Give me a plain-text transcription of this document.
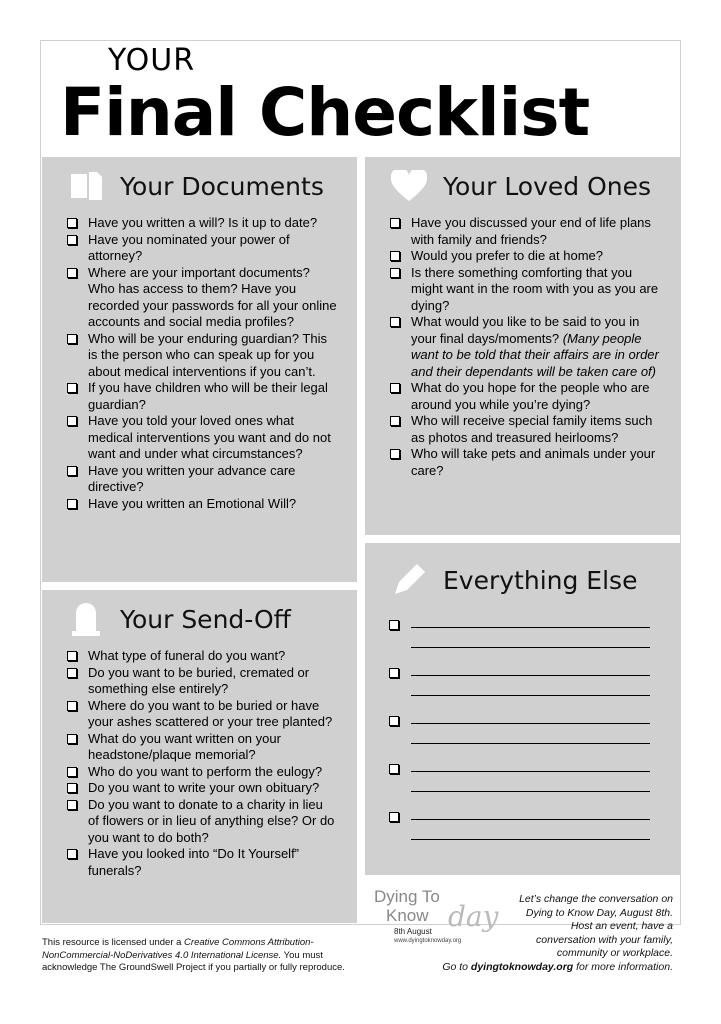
YOUR
Final Checklist
Your Documents
Have you written a will? Is it up to date?
Have you nominated your power of attorney?
Where are your important documents? Who has access to them? Have you recorded your passwords for all your online accounts and social media profiles?
Who will be your enduring guardian? This is the person who can speak up for you about medical interventions if you can’t.
If you have children who will be their legal guardian?
Have you told your loved ones what medical interventions you want and do not want and under what circumstances?
Have you written your advance care directive?
Have you written an Emotional Will?
Your Loved Ones
Have you discussed your end of life plans with family and friends?
Would you prefer to die at home?
Is there something comforting that you might want in the room with you as you are dying?
What would you like to be said to you in your final days/moments? (Many people want to be told that their affairs are in order and their dependants will be taken care of)
What do you hope for the people who are around you while you’re dying?
Who will receive special family items such as photos and treasured heirlooms?
Who will take pets and animals under your care?
Your Send-Off
What type of funeral do you want?
Do you want to be buried, cremated or something else entirely?
Where do you want to be buried or have your ashes scattered or your tree planted?
What do you want written on your headstone/plaque memorial?
Who do you want to perform the eulogy?
Do you want to write your own obituary?
Do you want to donate to a charity in lieu of flowers or in lieu of anything else? Or do you want to do both?
Have you looked into “Do It Yourself” funerals?
Everything Else
This resource is licensed under a Creative Commons Attribution-NonCommercial-NoDerivatives 4.0 International License. You must acknowledge The GroundSwell Project if you partially or fully reproduce.
Dying To
Know day
8th August
www.dyingtoknowday.org
Let’s change the conversation on
Dying to Know Day, August 8th.
Host an event, have a
conversation with your family,
community or workplace.
Go to dyingtoknowday.org for more information.
